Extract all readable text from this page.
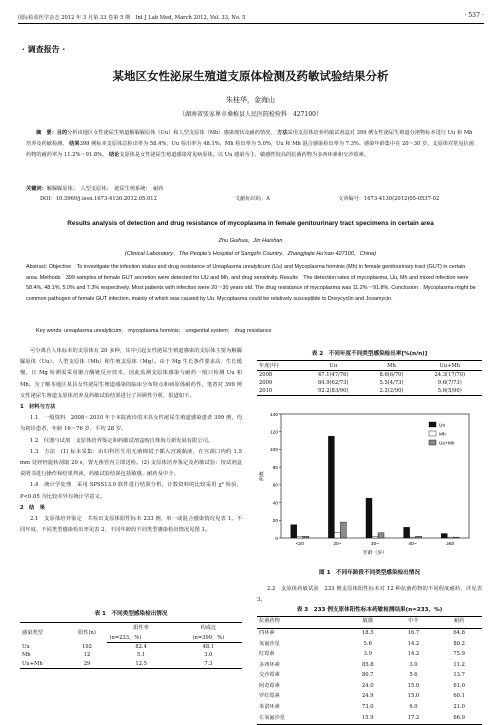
国际检验医学杂志 2012 年 3 月第 33 卷第 5 期　Int J Lab Med, March 2012, Vol. 33, No. 5	· 537 ·
· 调查报告 ·
某地区女性泌尿生殖道支原体检测及药敏试验结果分析
朱桂华，金海山
（湖南省张家界市桑植县人民医院检验科　427100）
摘　要：目的分析该地区女性泌尿生殖道解脲脲原体（Uu）和人型支原体（Mh）感染现状及耐药情况。 方法采用支原体培养药敏试剂盒对 399 例女性泌尿生殖道分泌物标本进行 Uu 和 Mh 培养及药敏检测。 结果399 例标本支原体总检出率为 58.4%，Uu 检出率为 48.1%，Mh 检出率为 5.0%，Uu 和 Mh 混合感染检出率为 7.3%。感染年龄集中在 20～30 岁，支原体对常见抗菌药物的耐药率为 11.2%～91.8%。 结论支原体是女性泌尿生殖道感染常见病原体，以 Uu 感染为主，敏感性较高的抗菌药物为多西环素和交沙霉素。
关键词：解脲脲原体；　人型支原体；　泌尿生殖系统；　耐药
DOI：10.3969/j.issn.1673-4130.2012.05.012	文献标识码：A	文章编号：1673-4130(2012)05-0537-02
Results analysis of detection and drug resistance of mycoplasma in female genitourinary tract specimens in certain area
Zhu Guihua，Jin Haishan
(Clinical Laboratory，The People's Hospital of Sangzhi Country，Zhangjiajie Hu'nan 427100，China)
Abstract: Objective　To investigate the infection status and drug resistance of Ureaplasma urealyticum (Uu) and Mycoplasma hominis (Mh) in female genitourinary tract (GUT) in certain area. Methods　399 samples of female GUT secretion were detected for UU and Mh, and drug sensitivity. Results　The detection rates of mycoplasma, Uu, Mh and mixed infection were 58.4%, 48.1%, 5.0% and 7.3% respectively. Most patients with infection were 20～30 years old. The drug resistance of mycoplasma was 11.2%～91.8%. Conclusion　Mycoplasma might be common pathogen of female GUT infection, mainly of which was caused by Uu. Mycoplasma could be relatively susceptible to Doxycyclin and Josamycin.
Key words: ureaplasma urealyticum;　mycoplasma hominis;　urogenital system;　drug resistance

可分离自人体标本的支原体有 20 多种，其中引起女性泌尿生殖道感染的支原体主要为解脲脲原体（Uu）、人型支原体（Mh）和生殖支原体（Mg）。由于 Mg 生长条件要求高、生长缓慢，且 Mg 检测需采用聚合酶链反应技术，因此监测支原体感染与耐药一般只检测 Uu 和 Mh。为了解本地区某县女性泌尿生殖道感染的临床分布特点和病原体耐药性，笔者对 399 例女性泌尿生殖道支原体培养及药敏试验结果进行了回顾性分析，报道如下。

1　材料与方法

1.1　一般资料　2008～2010 年于本院就诊的本县女性泌尿生殖道感染患者 399 例，均为初诊患者，年龄 16～76 岁，平均 28 岁。

1.2　仪器与试剂　支原体培养鉴定和药敏试剂盒购自珠海力新发展有限公司。

1.3　方法　(1) 标本采集：由妇科医生用无菌棉拭子插入宫颈黏液，在宫颈口内约 1.5 mm 处轻轻旋转刮取 20 s，置无菌管内立即送检。(2) 支原体培养鉴定及药敏试验：按试剂盒说明书进行操作和结果判读，药敏试验结果包括敏感、耐药及中介。

1.4　统计学处理　采用 SPSS13.0 软件进行结果分析，计数资料的比较采用 χ² 检验，P<0.05 为比较差异有统计学意义。

2　结　果

2.1　支原体培养鉴定　共检出支原体阳性标本 233 例，单一或混合感染情况见表 1。不同年度、不同类型感染检出率见表 2，不同年龄段不同类型感染检出情况见图 1。

表 1　不同类型感染检出情况
感染类型	阳性(n)	阳性率	构成比
		(n=233，%)	(n=399，%)
Uu	192	82.4	48.1
Mh	12	5.1	3.0
Uu+Mh	29	12.5	7.3
表 2　不同年度不同类型感染检出率[%(n/n)]
年度(年)	Uu	Mh	Uu+Mh
2008	47.1(47/76)	8.6(6/70)	24.3(17/70)
2009	84.9(62/73)	5.5(4/73)	9.6(7/73)
2010	92.2(83/90)	2.2(2/90)	5.6(5/90)
0
20
40
60
80
100
120
140
例数
<20	20~	30~	40~	≥50
年龄（岁）
Uu
Mh
Uu+Mh
图 1　不同年龄段不同类型感染检出情况
2.2　支原体药敏试验　233 例支原体阳性标本对 12 种抗菌药物的不同程度耐药，详见表 3。
表 3　233 例支原体阳性标本药敏检测结果(n=233，%)
抗菌药物	敏感	中介	耐药
四环素	18.5	16.7	64.8
氧氟沙星	5.6	14.2	80.2
红霉素	3.9	14.2	75.9
多西环素	85.8	3.0	11.2
交沙霉素	80.7	5.6	13.7
阿奇霉素	24.0	15.0	61.0
罗红霉素	24.9	15.0	60.1
米诺环素	73.0	6.0	21.0
左氧氟沙星	15.9	17.2	66.9
